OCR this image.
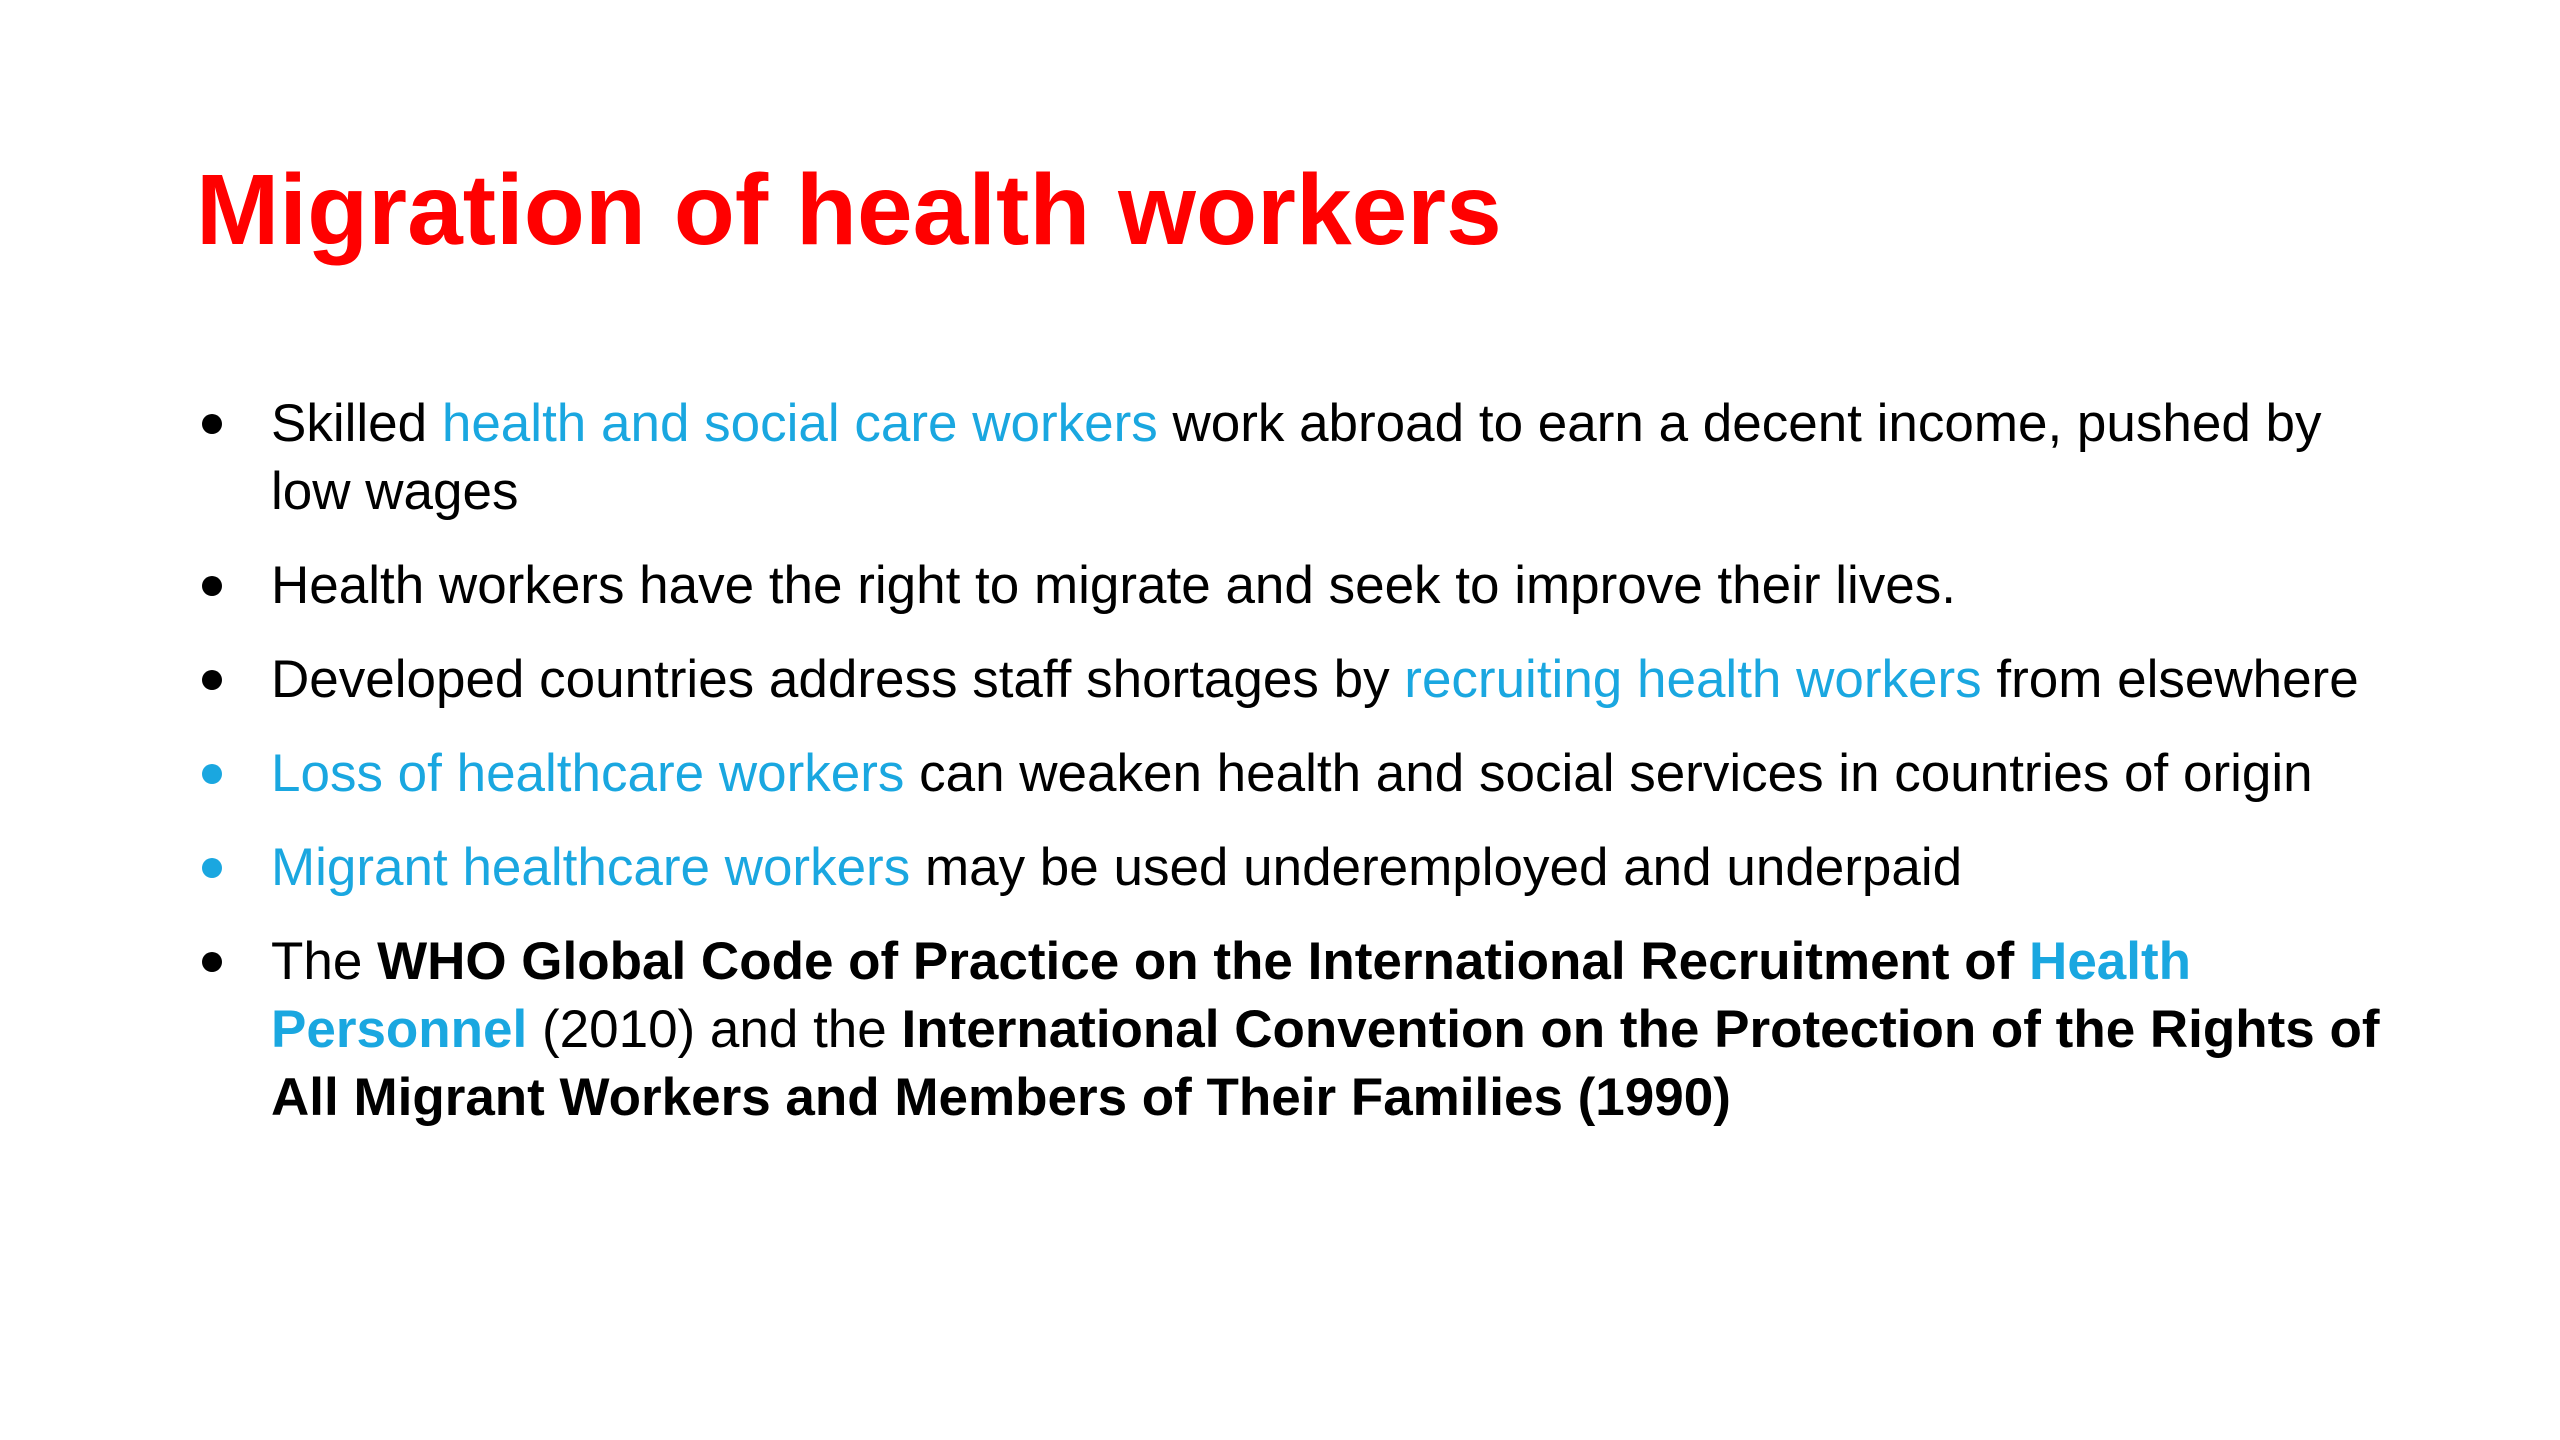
Migration of health workers
Skilled health and social care workers work abroad to earn a decent income, pushed by low wages
Health workers have the right to migrate and seek to improve their lives.
Developed countries address staff shortages by recruiting health workers from elsewhere
Loss of healthcare workers can weaken health and social services in countries of origin
Migrant healthcare workers may be used underemployed and underpaid
The WHO Global Code of Practice on the International Recruitment of Health Personnel (2010) and the International Convention on the Protection of the Rights of All Migrant Workers and Members of Their Families (1990)
